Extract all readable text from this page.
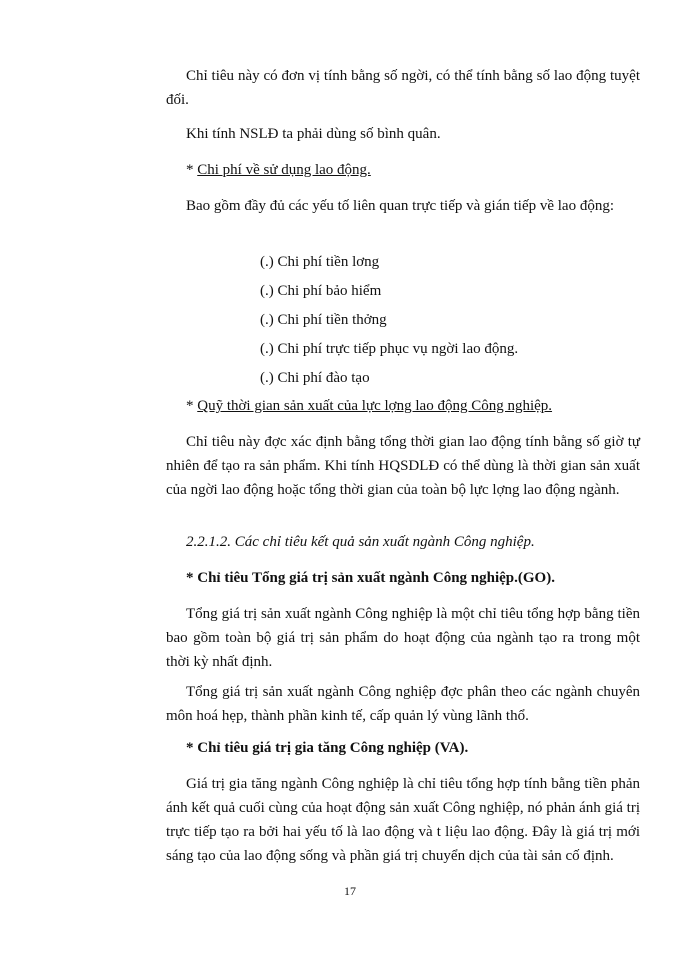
Chỉ tiêu này có đơn vị tính bằng số ngời, có thể tính bằng số lao động tuyệt đối.
Khi tính NSLĐ ta phải dùng số bình quân.
* Chi phí về sử dụng lao động.
Bao gồm đầy đủ các yếu tố liên quan trực tiếp và gián tiếp về lao động:
(.) Chi phí tiền lơng
(.) Chi phí bảo hiểm
(.) Chi phí tiền thởng
(.) Chi phí trực tiếp phục vụ ngời lao động.
(.) Chi phí đào tạo
* Quỹ thời gian sản xuất của lực lợng lao động Công nghiệp.
Chỉ tiêu này đợc xác định bằng tổng thời gian lao động tính bằng số giờ tự nhiên để tạo ra sản phẩm. Khi tính HQSDLĐ có thể dùng là thời gian sản xuất của ngời lao động hoặc tổng thời gian của toàn bộ lực lợng lao động ngành.
2.2.1.2. Các chỉ tiêu kết quả sản xuất ngành Công nghiệp.
* Chỉ tiêu Tổng giá trị sản xuất ngành Công nghiệp.(GO).
Tổng giá trị sản xuất ngành Công nghiệp là một chỉ tiêu tổng hợp bằng tiền bao gồm toàn bộ giá trị sản phẩm do hoạt động của ngành tạo ra trong một thời kỳ nhất định.
Tổng giá trị sản xuất ngành Công nghiệp đợc phân theo các ngành chuyên môn hoá hẹp, thành phần kinh tế, cấp quản lý vùng lãnh thổ.
* Chỉ tiêu giá trị gia tăng Công nghiệp (VA).
Giá trị gia tăng ngành Công nghiệp là chỉ tiêu tổng hợp tính bằng tiền phản ánh kết quả cuối cùng của hoạt động sản xuất Công nghiệp, nó phản ánh giá trị trực tiếp tạo ra bởi hai yếu tố là lao động và t liệu lao động. Đây là giá trị mới sáng tạo của lao động sống và phần giá trị chuyển dịch của tài sản cố định.
17
